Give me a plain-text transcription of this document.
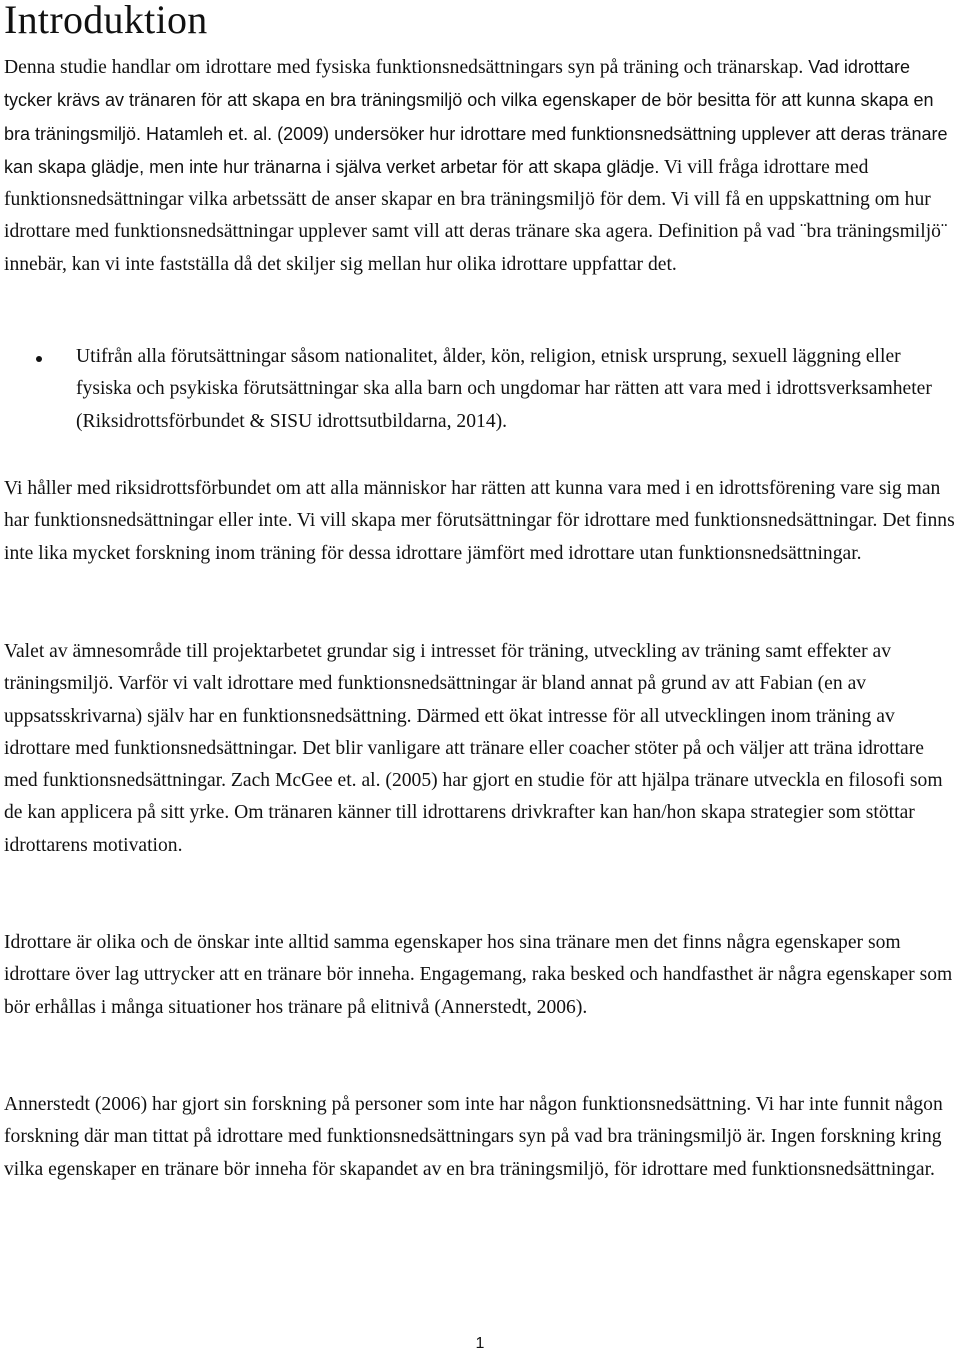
Introduktion

Denna studie handlar om idrottare med fysiska funktionsnedsättningars syn på träning och tränarskap. Vad idrottare tycker krävs av tränaren för att skapa en bra träningsmiljö och vilka egenskaper de bör besitta för att kunna skapa en bra träningsmiljö. Hatamleh et. al. (2009) undersöker hur idrottare med funktionsnedsättning upplever att deras tränare kan skapa glädje, men inte hur tränarna i själva verket arbetar för att skapa glädje. Vi vill fråga idrottare med funktionsnedsättningar vilka arbetssätt de anser skapar en bra träningsmiljö för dem. Vi vill få en uppskattning om hur idrottare med funktionsnedsättningar upplever samt vill att deras tränare ska agera. Definition på vad ¨bra träningsmiljö¨ innebär, kan vi inte fastställa då det skiljer sig mellan hur olika idrottare uppfattar det.

Utifrån alla förutsättningar såsom nationalitet, ålder, kön, religion, etnisk ursprung, sexuell läggning eller fysiska och psykiska förutsättningar ska alla barn och ungdomar har rätten att vara med i idrottsverksamheter (Riksidrottsförbundet & SISU idrottsutbildarna, 2014).

Vi håller med riksidrottsförbundet om att alla människor har rätten att kunna vara med i en idrottsförening vare sig man har funktionsnedsättningar eller inte. Vi vill skapa mer förutsättningar för idrottare med funktionsnedsättningar. Det finns inte lika mycket forskning inom träning för dessa idrottare jämfört med idrottare utan funktionsnedsättningar.

Valet av ämnesområde till projektarbetet grundar sig i intresset för träning, utveckling av träning samt effekter av träningsmiljö. Varför vi valt idrottare med funktionsnedsättningar är bland annat på grund av att Fabian (en av uppsatsskrivarna) själv har en funktionsnedsättning. Därmed ett ökat intresse för all utvecklingen inom träning av idrottare med funktionsnedsättningar. Det blir vanligare att tränare eller coacher stöter på och väljer att träna idrottare med funktionsnedsättningar. Zach McGee et. al. (2005) har gjort en studie för att hjälpa tränare utveckla en filosofi som de kan applicera på sitt yrke. Om tränaren känner till idrottarens drivkrafter kan han/hon skapa strategier som stöttar idrottarens motivation.

Idrottare är olika och de önskar inte alltid samma egenskaper hos sina tränare men det finns några egenskaper som idrottare över lag uttrycker att en tränare bör inneha. Engagemang, raka besked och handfasthet är några egenskaper som bör erhållas i många situationer hos tränare på elitnivå (Annerstedt, 2006).

Annerstedt (2006) har gjort sin forskning på personer som inte har någon funktionsnedsättning. Vi har inte funnit någon forskning där man tittat på idrottare med funktionsnedsättningars syn på vad bra träningsmiljö är. Ingen forskning kring vilka egenskaper en tränare bör inneha för skapandet av en bra träningsmiljö, för idrottare med funktionsnedsättningar.

1
